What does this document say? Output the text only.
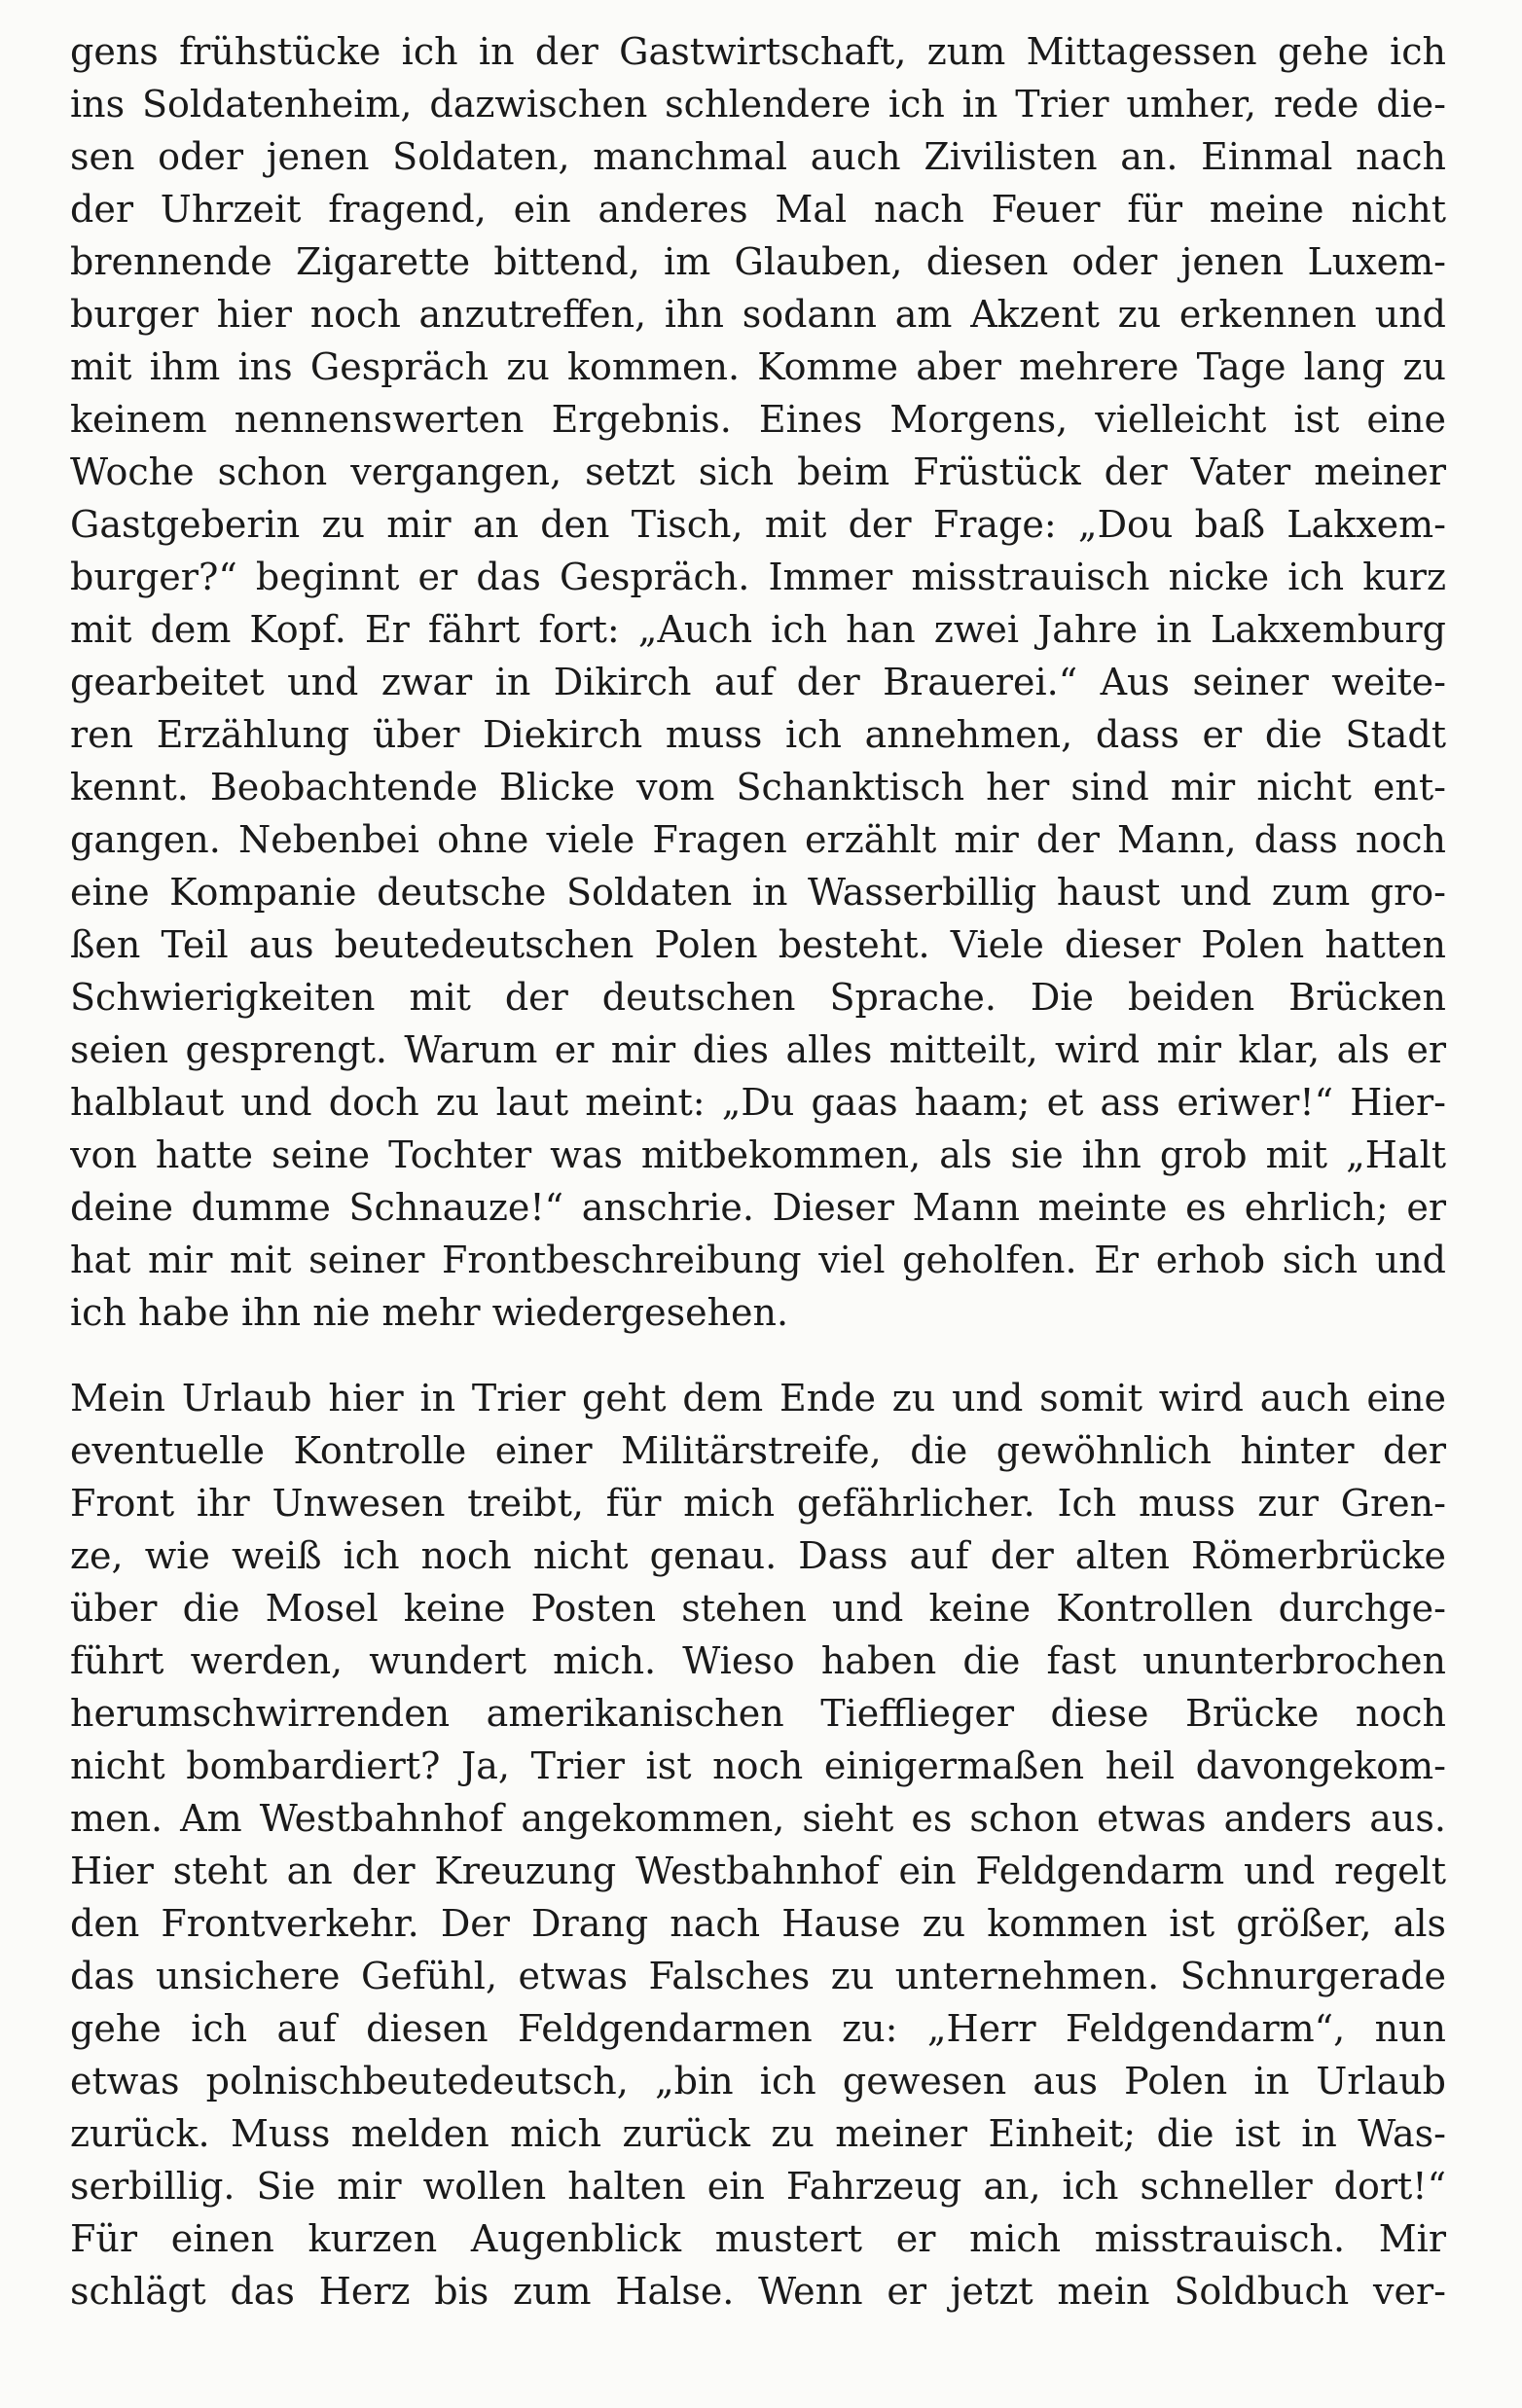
gens frühstücke ich in der Gastwirtschaft, zum Mittagessen gehe ich
ins Soldatenheim, dazwischen schlendere ich in Trier umher, rede die-
sen oder jenen Soldaten, manchmal auch Zivilisten an. Einmal nach
der Uhrzeit fragend, ein anderes Mal nach Feuer für meine nicht
brennende Zigarette bittend, im Glauben, diesen oder jenen Luxem-
burger hier noch anzutreffen, ihn sodann am Akzent zu erkennen und
mit ihm ins Gespräch zu kommen. Komme aber mehrere Tage lang zu
keinem nennenswerten Ergebnis. Eines Morgens, vielleicht ist eine
Woche schon vergangen, setzt sich beim Früstück der Vater meiner
Gastgeberin zu mir an den Tisch, mit der Frage: „Dou baß Lakxem-
burger?“ beginnt er das Gespräch. Immer misstrauisch nicke ich kurz
mit dem Kopf. Er fährt fort: „Auch ich han zwei Jahre in Lakxemburg
gearbeitet und zwar in Dikirch auf der Brauerei.“ Aus seiner weite-
ren Erzählung über Diekirch muss ich annehmen, dass er die Stadt
kennt. Beobachtende Blicke vom Schanktisch her sind mir nicht ent-
gangen. Nebenbei ohne viele Fragen erzählt mir der Mann, dass noch
eine Kompanie deutsche Soldaten in Wasserbillig haust und zum gro-
ßen Teil aus beutedeutschen Polen besteht. Viele dieser Polen hatten
Schwierigkeiten mit der deutschen Sprache. Die beiden Brücken
seien gesprengt. Warum er mir dies alles mitteilt, wird mir klar, als er
halblaut und doch zu laut meint: „Du gaas haam; et ass eriwer!“ Hier-
von hatte seine Tochter was mitbekommen, als sie ihn grob mit „Halt
deine dumme Schnauze!“ anschrie. Dieser Mann meinte es ehrlich; er
hat mir mit seiner Frontbeschreibung viel geholfen. Er erhob sich und
ich habe ihn nie mehr wiedergesehen.
Mein Urlaub hier in Trier geht dem Ende zu und somit wird auch eine
eventuelle Kontrolle einer Militärstreife, die gewöhnlich hinter der
Front ihr Unwesen treibt, für mich gefährlicher. Ich muss zur Gren-
ze, wie weiß ich noch nicht genau. Dass auf der alten Römerbrücke
über die Mosel keine Posten stehen und keine Kontrollen durchge-
führt werden, wundert mich. Wieso haben die fast ununterbrochen
herumschwirrenden amerikanischen Tiefflieger diese Brücke noch
nicht bombardiert? Ja, Trier ist noch einigermaßen heil davongekom-
men. Am Westbahnhof angekommen, sieht es schon etwas anders aus.
Hier steht an der Kreuzung Westbahnhof ein Feldgendarm und regelt
den Frontverkehr. Der Drang nach Hause zu kommen ist größer, als
das unsichere Gefühl, etwas Falsches zu unternehmen. Schnurgerade
gehe ich auf diesen Feldgendarmen zu: „Herr Feldgendarm“, nun
etwas polnischbeutedeutsch, „bin ich gewesen aus Polen in Urlaub
zurück. Muss melden mich zurück zu meiner Einheit; die ist in Was-
serbillig. Sie mir wollen halten ein Fahrzeug an, ich schneller dort!“
Für einen kurzen Augenblick mustert er mich misstrauisch. Mir
schlägt das Herz bis zum Halse. Wenn er jetzt mein Soldbuch ver-
